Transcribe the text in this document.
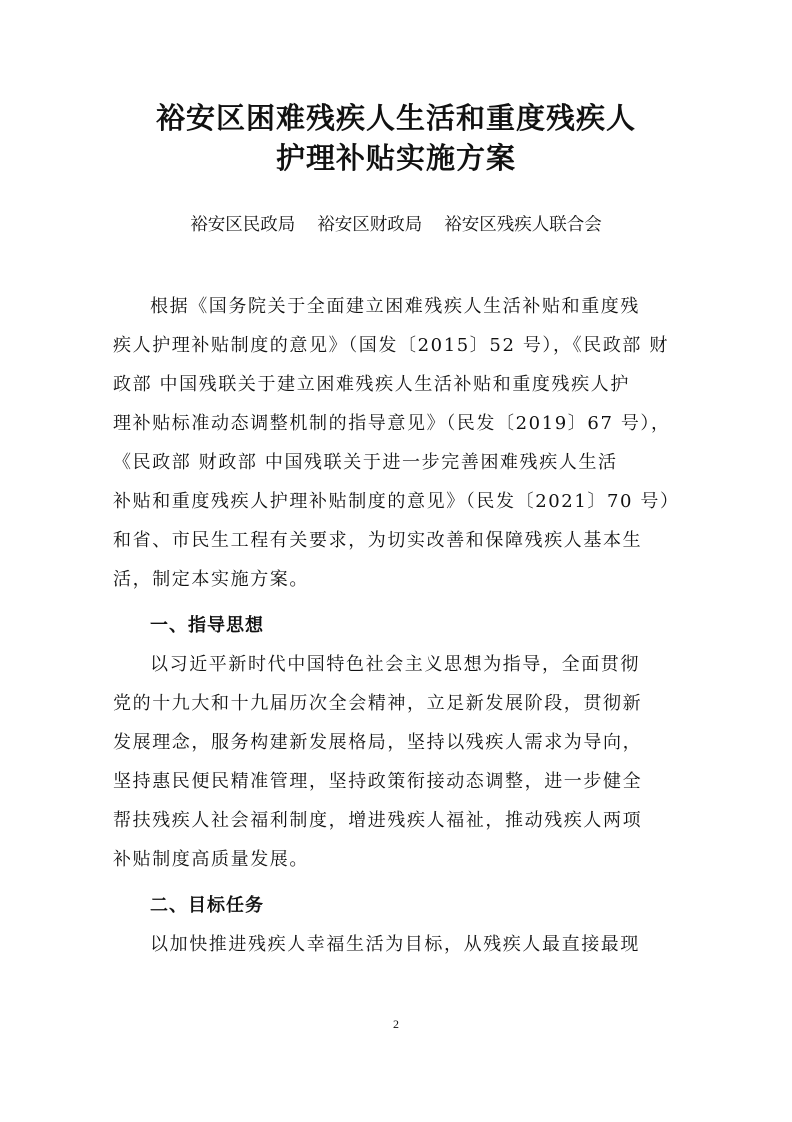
裕安区困难残疾人生活和重度残疾人
护理补贴实施方案
裕安区民政局 裕安区财政局 裕安区残疾人联合会
根据《国务院关于全面建立困难残疾人生活补贴和重度残
疾人护理补贴制度的意见》（国发〔2015〕52 号），《民政部 财
政部 中国残联关于建立困难残疾人生活补贴和重度残疾人护
理补贴标准动态调整机制的指导意见》（民发〔2019〕67 号），
《民政部 财政部 中国残联关于进一步完善困难残疾人生活
补贴和重度残疾人护理补贴制度的意见》（民发〔2021〕70 号）
和省、市民生工程有关要求，为切实改善和保障残疾人基本生
活，制定本实施方案。
一、指导思想
以习近平新时代中国特色社会主义思想为指导，全面贯彻
党的十九大和十九届历次全会精神，立足新发展阶段，贯彻新
发展理念，服务构建新发展格局，坚持以残疾人需求为导向，
坚持惠民便民精准管理，坚持政策衔接动态调整，进一步健全
帮扶残疾人社会福利制度，增进残疾人福祉，推动残疾人两项
补贴制度高质量发展。
二、目标任务
以加快推进残疾人幸福生活为目标，从残疾人最直接最现
2
